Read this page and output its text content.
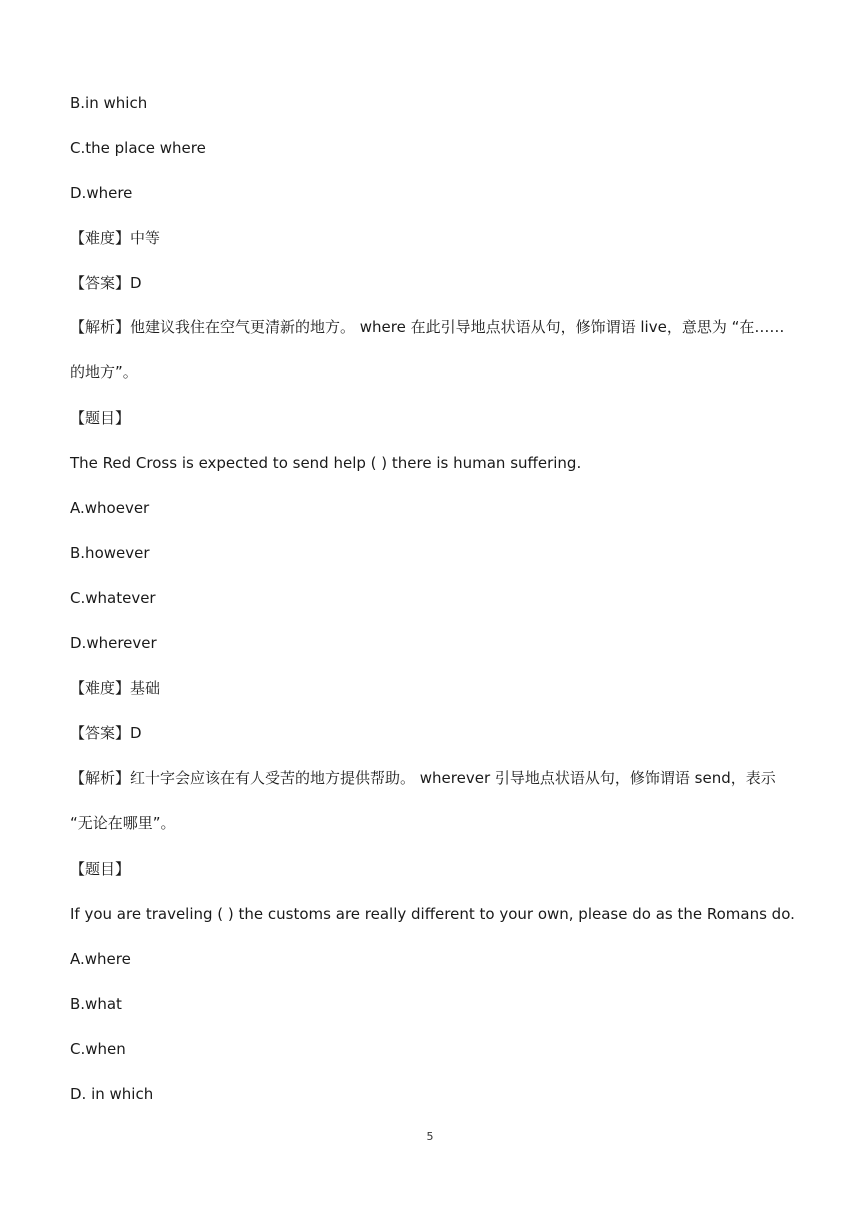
B.in which
C.the place where
D.where
【难度】中等
【答案】D
【解析】他建议我住在空气更清新的地方。 where 在此引导地点状语从句，修饰谓语 live，意思为 “在……的地方”。
【题目】
The Red Cross is expected to send help ( ) there is human suffering.
A.whoever
B.however
C.whatever
D.wherever
【难度】基础
【答案】D
【解析】红十字会应该在有人受苦的地方提供帮助。 wherever 引导地点状语从句，修饰谓语 send，表示 “无论在哪里”。
【题目】
If you are traveling ( ) the customs are really different to your own, please do as the Romans do.
A.where
B.what
C.when
D. in which
5
